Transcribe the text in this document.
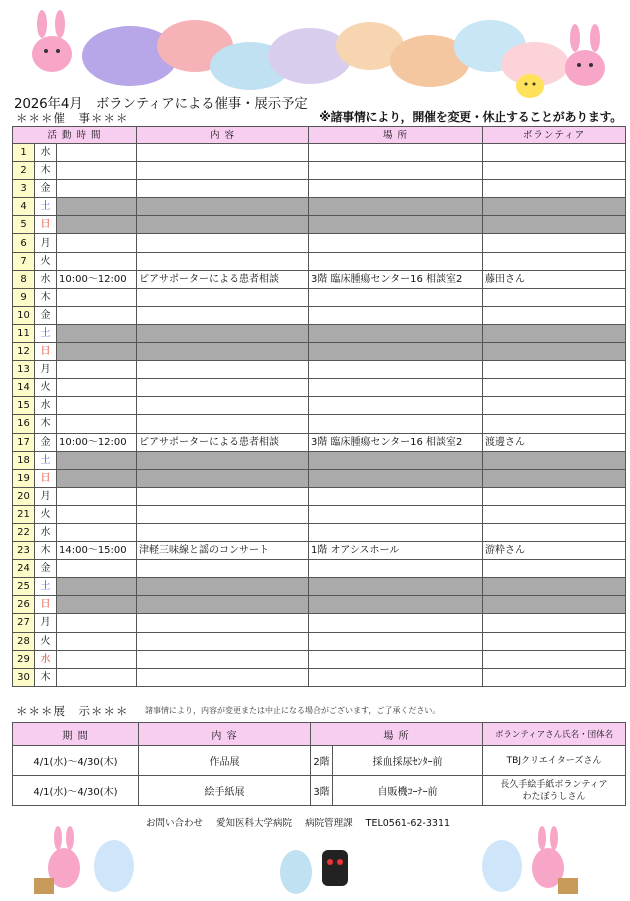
2026年4月　ボランティアによる催事・展示予定
＊＊＊催　事＊＊＊	※諸事情により，開催を変更・休止することがあります。
活 動 時 間			内 容	場 所	ボランティア
1	水				
2	木				
3	金				
4	土				
5	日				
6	月				
7	火				
8	水	10:00～12:00	ピアサポーターによる患者相談	3階 臨床腫瘍センター16 相談室2	藤田さん
9	木				
10	金				
11	土				
12	日				
13	月				
14	火				
15	水				
16	木				
17	金	10:00～12:00	ピアサポーターによる患者相談	3階 臨床腫瘍センター16 相談室2	渡邊さん
18	土				
19	日				
20	月				
21	火				
22	水				
23	木	14:00～15:00	津軽三味線と謡のコンサート	1階 オアシスホール	游粋さん
24	金				
25	土				
26	日				
27	月				
28	火				
29	水				
30	木				
＊＊＊展　示＊＊＊ 諸事情により，内容が変更または中止になる場合がございます，ご了承ください。
期 間	内 容	場 所		ボランティアさん氏名・団体名
4/1(水)～4/30(木)	作品展	2階	採血採尿ｾﾝﾀｰ前	TBJクリエイターズさん
4/1(水)～4/30(木)	絵手紙展	3階	自販機ｺｰﾅｰ前	長久手絵手紙ボランティア
わたぼうしさん
お問い合わせ 愛知医科大学病院 病院管理課 TEL0561-62-3311
